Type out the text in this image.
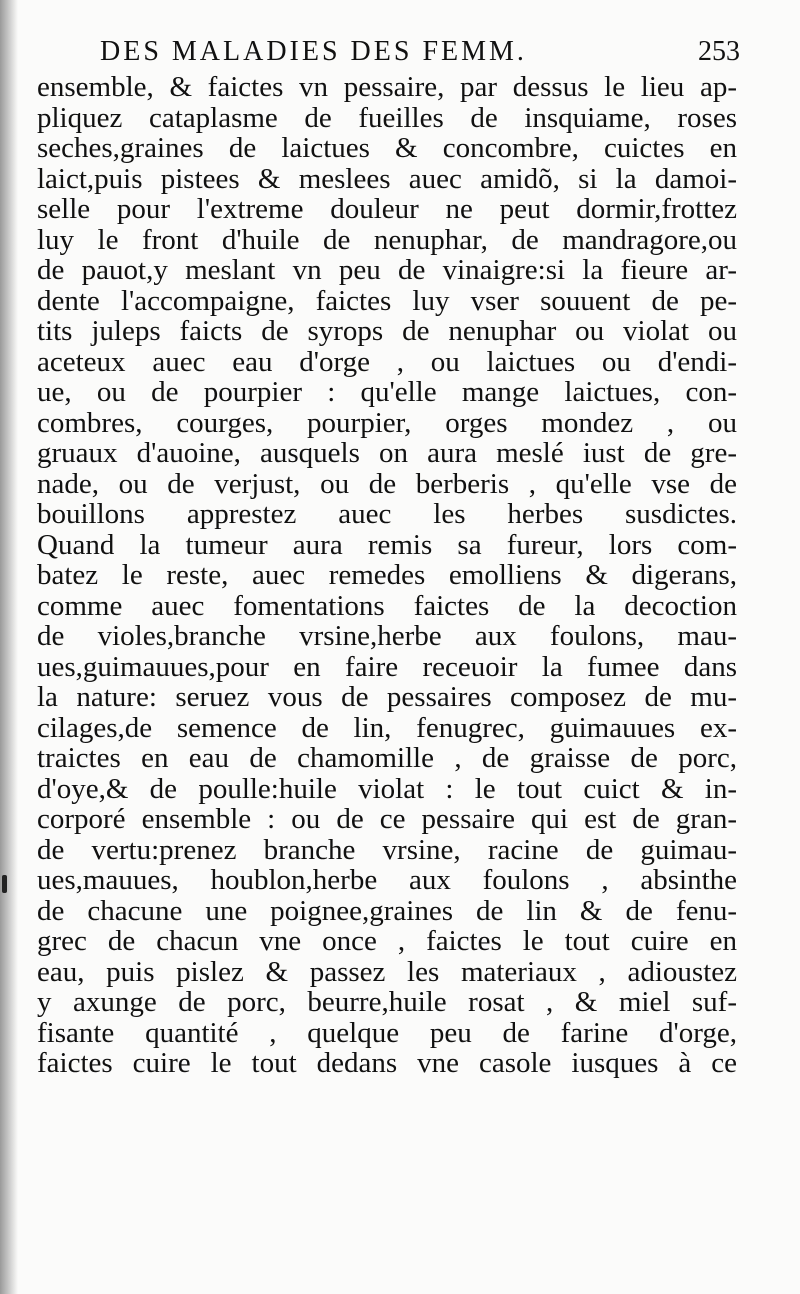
DES MALADIES DES FEMM.	253
ensemble, & faictes vn pessaire, par dessus le lieu ap-
pliquez cataplasme de fueilles de insquiame, roses
seches,graines de laictues & concombre, cuictes en
laict,puis pistees & meslees auec amidõ, si la damoi-
selle pour l'extreme douleur ne peut dormir,frottez
luy le front d'huile de nenuphar, de mandragore,ou
de pauot,y meslant vn peu de vinaigre:si la fieure ar-
dente l'accompaigne, faictes luy vser souuent de pe-
tits juleps faicts de syrops de nenuphar ou violat ou
aceteux auec eau d'orge , ou laictues ou d'endi-
ue, ou de pourpier : qu'elle mange laictues, con-
combres, courges, pourpier, orges mondez , ou
gruaux d'auoine, ausquels on aura meslé iust de gre-
nade, ou de verjust, ou de berberis , qu'elle vse de
bouillons apprestez auec les herbes susdictes.
Quand la tumeur aura remis sa fureur, lors com-
batez le reste, auec remedes emolliens & digerans,
comme auec fomentations faictes de la decoction
de violes,branche vrsine,herbe aux foulons, mau-
ues,guimauues,pour en faire receuoir la fumee dans
la nature: seruez vous de pessaires composez de mu-
cilages,de semence de lin, fenugrec, guimauues ex-
traictes en eau de chamomille , de graisse de porc,
d'oye,& de poulle:huile violat : le tout cuict & in-
corporé ensemble : ou de ce pessaire qui est de gran-
de vertu:prenez branche vrsine, racine de guimau-
ues,mauues, houblon,herbe aux foulons , absinthe
de chacune une poignee,graines de lin & de fenu-
grec de chacun vne once , faictes le tout cuire en
eau, puis pislez & passez les materiaux , adioustez
y axunge de porc, beurre,huile rosat , & miel suf-
fisante quantité , quelque peu de farine d'orge,
faictes cuire le tout dedans vne casole iusques à ce
